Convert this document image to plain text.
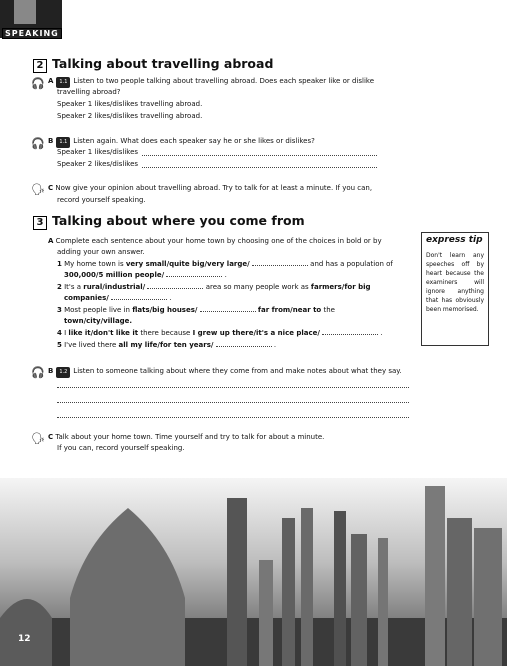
SPEAKING
2 Talking about travelling abroad
🎧 A 1.1 Listen to two people talking about travelling abroad. Does each speaker like or dislike
travelling abroad?
Speaker 1 likes/dislikes travelling abroad.
Speaker 2 likes/dislikes travelling abroad.
🎧 B 1.1 Listen again. What does each speaker say he or she likes or dislikes?
Speaker 1 likes/dislikes
Speaker 2 likes/dislikes
🗣 C Now give your opinion about travelling abroad. Try to talk for at least a minute. If you can,
record yourself speaking.
3 Talking about where you come from
A Complete each sentence about your home town by choosing one of the choices in bold or by
adding your own answer.
1 My home town is very small/quite big/very large/	and has a population of
300,000/5 million people/	.
2 It's a rural/industrial/	area so many people work as farmers/for big
companies/	.
3 Most people live in flats/big houses/	far from/near to the
town/city/village.
4 I like it/don't like it there because I grew up there/it's a nice place/	.
5 I've lived there all my life/for ten years/	.
express tip
Don't learn any speeches off by heart because the examiners will ignore anything that has obviously been memorised.
🎧 B 1.2 Listen to someone talking about where they come from and make notes about what they say.
🗣 C Talk about your home town. Time yourself and try to talk for about a minute.
If you can, record yourself speaking.
12
